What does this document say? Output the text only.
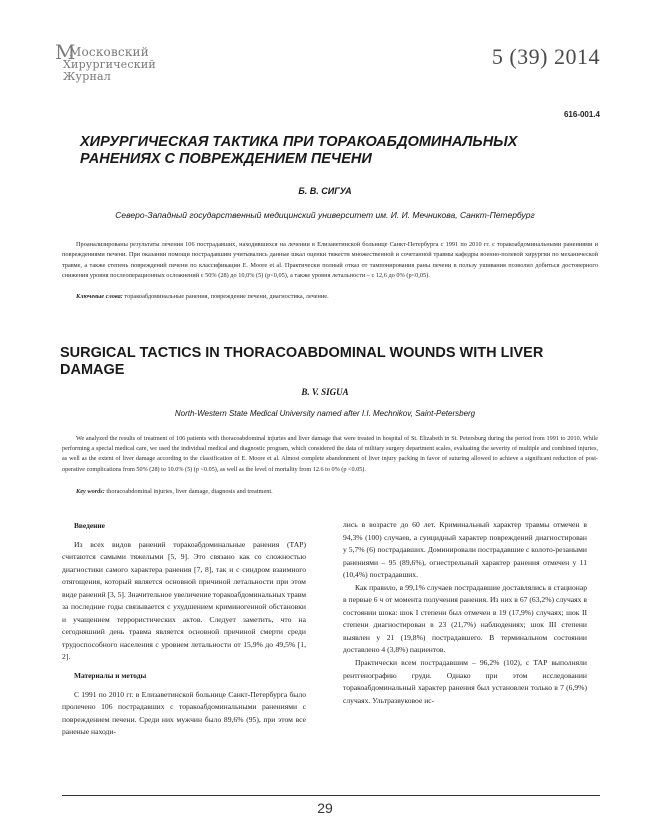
М
Московский
Хирургический
Журнал
5 (39) 2014
616-001.4
ХИРУРГИЧЕСКАЯ ТАКТИКА ПРИ ТОРАКОАБДОМИНАЛЬНЫХ РАНЕНИЯХ С ПОВРЕЖДЕНИЕМ ПЕЧЕНИ
Б. В. СИГУА
Северо-Западный государственный медицинский университет им. И. И. Мечникова, Санкт-Петербург
Проанализированы результаты лечения 106 пострадавших, находившихся на лечении в Елизаветинской больнице Санкт-Петербурга с 1991 по 2010 гг. с торакоабдоминальными ранениями и повреждениями печени. При оказании помощи пострадавшим учитывались данные шкал оценки тяжести множественной и сочетанной травмы кафедры военно-полевой хирургии по механической травме, а также степень повреждений печени по классификации E. Moore et al. Практически полный отказ от тампонирования раны печени в пользу ушивания позволил добиться достоверного снижения уровня послеоперационных осложнений с 50% (28) до 10,0% (5) (p<0,05), а также уровня летальности – с 12,6 до 0% (p<0,05).
Ключевые слова: торакоабдоминальные ранения, повреждение печени, диагностика, лечение.
SURGICAL TACTICS IN THORACOABDOMINAL WOUNDS WITH LIVER DAMAGE
B. V. SIGUA
North-Western State Medical University named after I.I. Mechnikov, Saint-Petersberg
We analyzed the results of treatment of 106 patients with thoracoabdominal injuries and liver damage that were treated in hospital of St. Elizabeth in St. Petersburg during the period from 1991 to 2010. While performing a special medical care, we used the individual medical and diagnostic program, which considered the data of military surgery department scales, evaluating the severity of multiple and combined injuries, as well as the extent of liver damage according to the classification of E. Moore et al. Almost complete abandonment of liver injury packing in favor of suturing allowed to achieve a significant reduction of post-operative complications from 50% (28) to 10.0% (5) (p <0.05), as well as the level of mortality from 12.6 to 0% (p <0.05).
Key words: thoracoabdominal injuries, liver damage, diagnosis and treatment.

Введение

Из всех видов ранений торакоабдоминальные ранения (ТАР) считаются самыми тяжелыми [5, 9]. Это связано как со сложностью диагностики самого характера ранения [7, 8], так и с синдром взаимного отягощения, который является основной причиной летальности при этом виде ранений [3, 5]. Значительное увеличение торакоабдоминальных травм за последние годы связывается с ухудшением криминогенной обстановки и учащением террористических актов. Следует заметить, что на сегодняшний день травма является основной причиной смерти среди трудоспособного населения с уровнем летальности от 15,9% до 49,5% [1, 2].

Материалы и методы

С 1991 по 2010 гг. в Елизаветинской больнице Санкт-Петербурга было пролечено 106 пострадавших с торакоабдоминальными ранениями с повреждением печени. Среди них мужчин было 89,6% (95), при этом все раненые находи-

лись в возрасте до 60 лет. Криминальный характер травмы отмечен в 94,3% (100) случаев, а суицидный характер повреждений диагностирован у 5,7% (6) пострадавших. Доминировали пострадавшие с колото-резаными ранениями – 95 (89,6%), огнестрельный характер ранения отмечен у 11 (10,4%) пострадавших.

Как правило, в 99,1% случаев пострадавшие доставлялись в стационар в первые 6 ч от момента получения ранения. Из них в 67 (63,2%) случаях в состоянии шока: шок I степени был отмечен в 19 (17,9%) случаях; шок II степени диагностирован в 23 (21,7%) наблюдениях; шок III степени выявлен у 21 (19,8%) пострадавшего. В терминальном состоянии доставлено 4 (3,8%) пациентов.

Практически всем пострадавшим – 96,2% (102), с ТАР выполняли рентгенографию груди. Однако при этом исследовании торакоабдоминальный характер ранения был установлен только в 7 (6,9%) случаях. Ультразвуковое ис-

29
